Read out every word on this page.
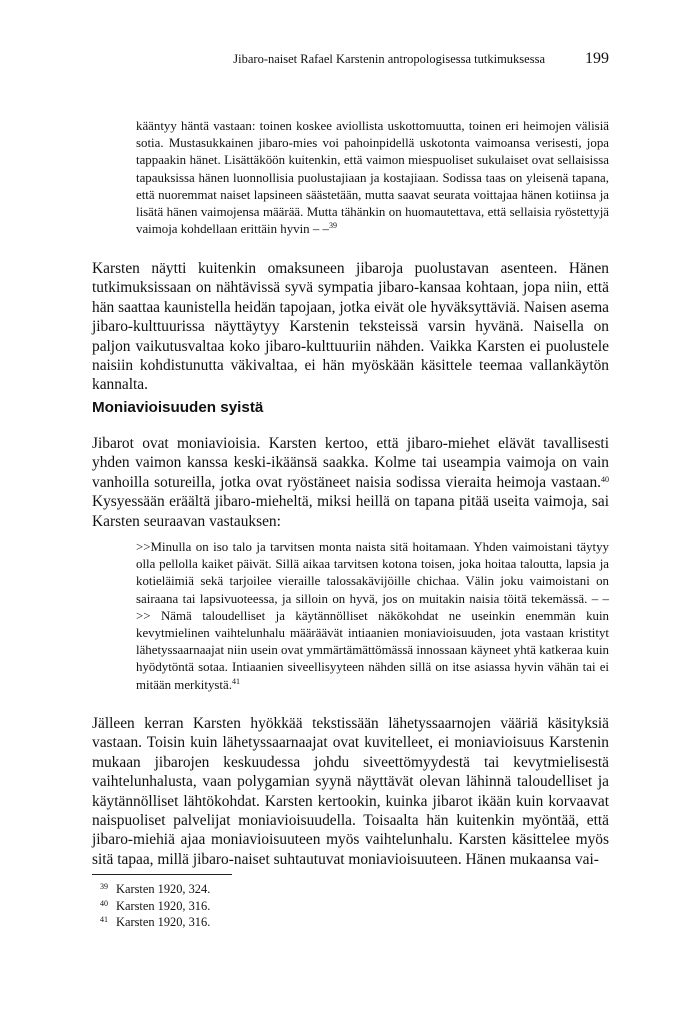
Jibaro-naiset Rafael Karstenin antropologisessa tutkimuksessa	199
kääntyy häntä vastaan: toinen koskee aviollista uskottomuutta, toinen eri heimojen välisiä sotia. Mustasukkainen jibaro-mies voi pahoinpidellä uskotonta vaimoansa verisesti, jopa tappaakin hänet. Lisättäköön kuitenkin, että vaimon miespuoliset sukulaiset ovat sellaisissa tapauksissa hänen luonnollisia puolustajiaan ja kostajiaan. Sodissa taas on yleisenä tapana, että nuoremmat naiset lapsineen säästetään, mutta saavat seurata voittajaa hänen kotiinsa ja lisätä hänen vaimojensa määrää. Mutta tähänkin on huomautettava, että sellaisia ryöstettyjä vaimoja kohdellaan erittäin hyvin – –$^{39}$
Karsten näytti kuitenkin omaksuneen jibaroja puolustavan asenteen. Hänen tutkimuksissaan on nähtävissä syvä sympatia jibaro-kansaa kohtaan, jopa niin, että hän saattaa kaunistella heidän tapojaan, jotka eivät ole hyväksyttäviä. Naisen asema jibaro-kulttuurissa näyttäytyy Karstenin teksteissä varsin hyvänä. Naisella on paljon vaikutusvaltaa koko jibaro-kulttuuriin nähden. Vaikka Karsten ei puolustele naisiin kohdistunutta väkivaltaa, ei hän myöskään käsittele teemaa vallankäytön kannalta.
Moniavioisuuden syistä
Jibarot ovat moniavioisia. Karsten kertoo, että jibaro-miehet elävät tavallisesti yhden vaimon kanssa keski-ikäänsä saakka. Kolme tai useampia vaimoja on vain vanhoilla sotureilla, jotka ovat ryöstäneet naisia sodissa vieraita heimoja vastaan.$^{40}$ Kysyessään eräältä jibaro-mieheltä, miksi heillä on tapana pitää useita vaimoja, sai Karsten seuraavan vastauksen:
>>Minulla on iso talo ja tarvitsen monta naista sitä hoitamaan. Yhden vaimoistani täytyy olla pellolla kaiket päivät. Sillä aikaa tarvitsen kotona toisen, joka hoitaa taloutta, lapsia ja kotieläimiä sekä tarjoilee vieraille talossakävijöille chichaa. Välin joku vaimoistani on sairaana tai lapsivuoteessa, ja silloin on hyvä, jos on muitakin naisia töitä tekemässä. – – >> Nämä taloudelliset ja käytännölliset näkökohdat ne useinkin enemmän kuin kevytmielinen vaihtelunhalu määräävät intiaanien moniavioisuuden, jota vastaan kristityt lähetyssaarnaajat niin usein ovat ymmärtämättömässä innossaan käyneet yhtä katkeraa kuin hyödytöntä sotaa. Intiaanien siveellisyyteen nähden sillä on itse asiassa hyvin vähän tai ei mitään merkitystä.$^{41}$
Jälleen kerran Karsten hyökkää tekstissään lähetyssaarnojen vääriä käsityksiä vastaan. Toisin kuin lähetyssaarnaajat ovat kuvitelleet, ei moniavioisuus Karstenin mukaan jibarojen keskuudessa johdu siveettömyydestä tai kevytmielisestä vaihtelunhalusta, vaan polygamian syynä näyttävät olevan lähinnä taloudelliset ja käytännölliset lähtökohdat. Karsten kertookin, kuinka jibarot ikään kuin korvaavat naispuoliset palvelijat moniavioisuudella. Toisaalta hän kuitenkin myöntää, että jibaro-miehiä ajaa moniavioisuuteen myös vaihtelunhalu. Karsten käsittelee myös sitä tapaa, millä jibaro-naiset suhtautuvat moniavioisuuteen. Hänen mukaansa vai-
39 Karsten 1920, 324.
40 Karsten 1920, 316.
41 Karsten 1920, 316.
